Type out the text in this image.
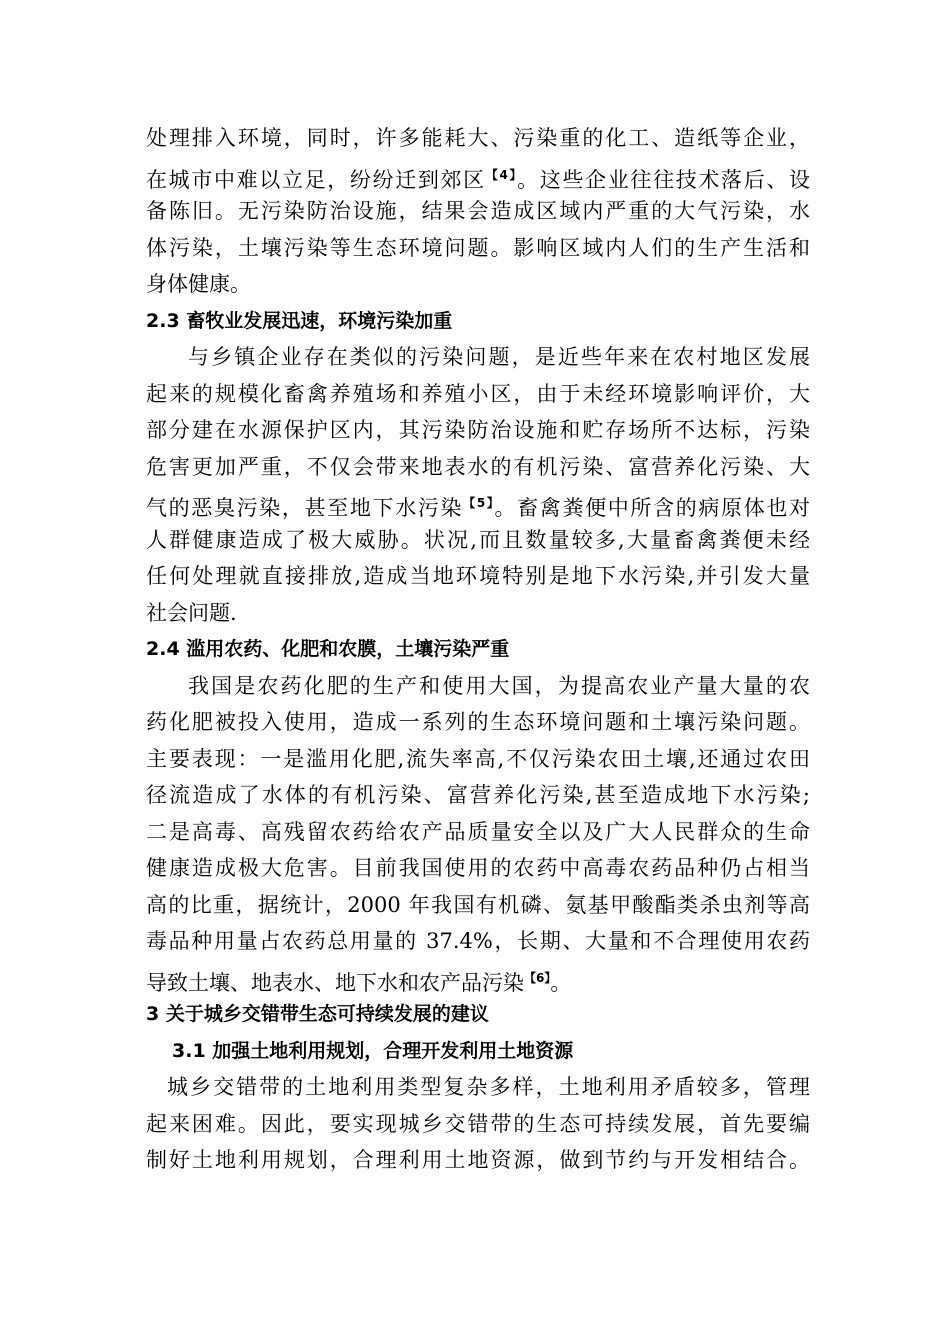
处理排入环境，同时，许多能耗大、污染重的化工、造纸等企业，
在城市中难以立足，纷纷迁到郊区$^{【4】}$。这些企业往往技术落后、设
备陈旧。无污染防治设施，结果会造成区域内严重的大气污染，水
体污染，土壤污染等生态环境问题。影响区域内人们的生产生活和
身体健康。
2.3 畜牧业发展迅速，环境污染加重
与乡镇企业存在类似的污染问题，是近些年来在农村地区发展
起来的规模化畜禽养殖场和养殖小区，由于未经环境影响评价，大
部分建在水源保护区内，其污染防治设施和贮存场所不达标，污染
危害更加严重，不仅会带来地表水的有机污染、富营养化污染、大
气的恶臭污染，甚至地下水污染$^{【5】}$。畜禽粪便中所含的病原体也对
人群健康造成了极大威胁。状况,而且数量较多,大量畜禽粪便未经
任何处理就直接排放,造成当地环境特别是地下水污染,并引发大量
社会问题.
2.4 滥用农药、化肥和农膜，土壤污染严重
我国是农药化肥的生产和使用大国，为提高农业产量大量的农
药化肥被投入使用，造成一系列的生态环境问题和土壤污染问题。
主要表现：一是滥用化肥,流失率高,不仅污染农田土壤,还通过农田
径流造成了水体的有机污染、富营养化污染,甚至造成地下水污染;
二是高毒、高残留农药给农产品质量安全以及广大人民群众的生命
健康造成极大危害。目前我国使用的农药中高毒农药品种仍占相当
高的比重，据统计，2000 年我国有机磷、氨基甲酸酯类杀虫剂等高
毒品种用量占农药总用量的 37.4%，长期、大量和不合理使用农药
导致土壤、地表水、地下水和农产品污染$^{【6】}$。
3 关于城乡交错带生态可持续发展的建议
3.1 加强土地利用规划，合理开发利用土地资源
城乡交错带的土地利用类型复杂多样，土地利用矛盾较多，管理
起来困难。因此，要实现城乡交错带的生态可持续发展，首先要编
制好土地利用规划，合理利用土地资源，做到节约与开发相结合。
